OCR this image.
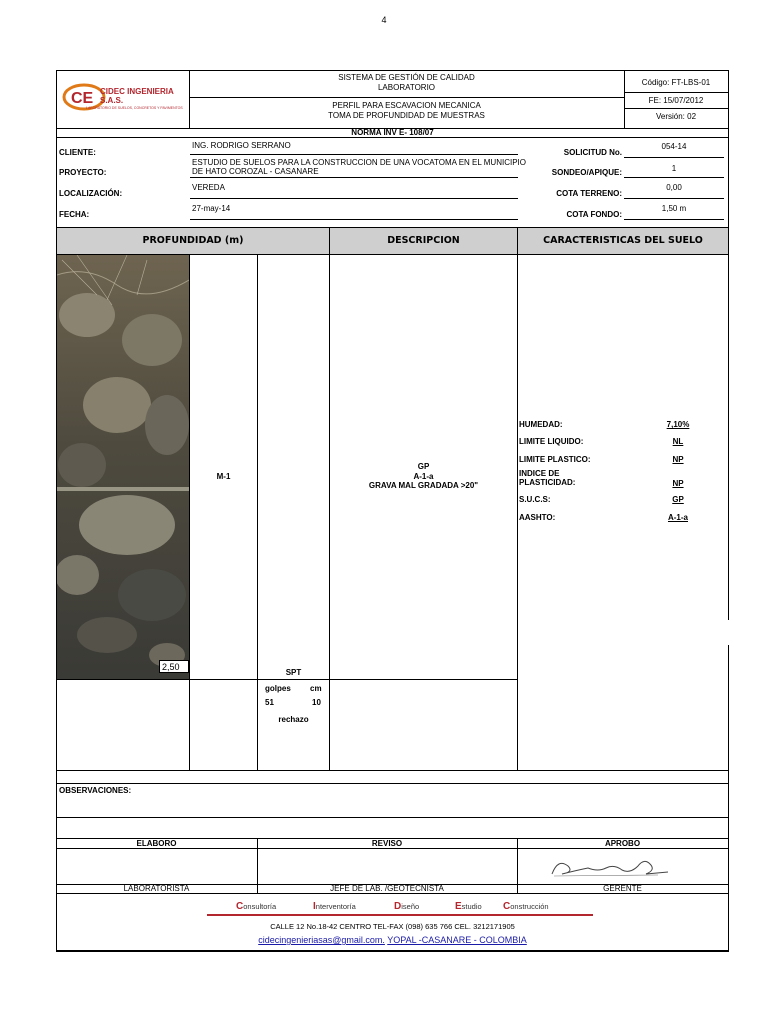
4
CE CIDEC INGENIERIA S.A.S.
LABORATORIO DE SUELOS, CONCRETOS Y PAVIMENTOS
SISTEMA DE GESTIÓN DE CALIDAD
LABORATORIO
PERFIL PARA ESCAVACION MECANICA
TOMA DE PROFUNDIDAD DE MUESTRAS
Código: FT-LBS-01
FE: 15/07/2012
Versión: 02
NORMA INV E- 108/07
CLIENTE:
ING. RODRIGO SERRANO
PROYECTO:
ESTUDIO DE SUELOS PARA LA CONSTRUCCION DE UNA VOCATOMA EN EL MUNICIPIO
DE HATO COROZAL - CASANARE
LOCALIZACIÓN:
VEREDA
FECHA:
27-may-14
SOLICITUD No.
054-14
SONDEO/APIQUE:	1
COTA TERRENO:
0,00
COTA FONDO:
1,50 m
PROFUNDIDAD (m)	DESCRIPCION	CARACTERISTICAS DEL SUELO
2,50
M-1
GP
A-1-a
GRAVA MAL GRADADA >20"
SPT
golpes cm
51	10
rechazo
HUMEDAD:	7,10%
LIMITE LIQUIDO:	NL
LIMITE PLASTICO:	NP
INDICE DE PLASTICIDAD:	NP
S.U.C.S:	GP
AASHTO:	A-1-a
OBSERVACIONES:
ELABORO	REVISO	APROBO
LABORATORISTA	JEFE DE LAB. /GEOTECNISTA	GERENTE
Consultoría	Interventoría	Diseño	Estudio Construcción
CALLE 12 No.18-42 CENTRO TEL-FAX (098) 635 766 CEL. 3212171905
cidecingenieriasas@gmail.com. YOPAL -CASANARE - COLOMBIA
